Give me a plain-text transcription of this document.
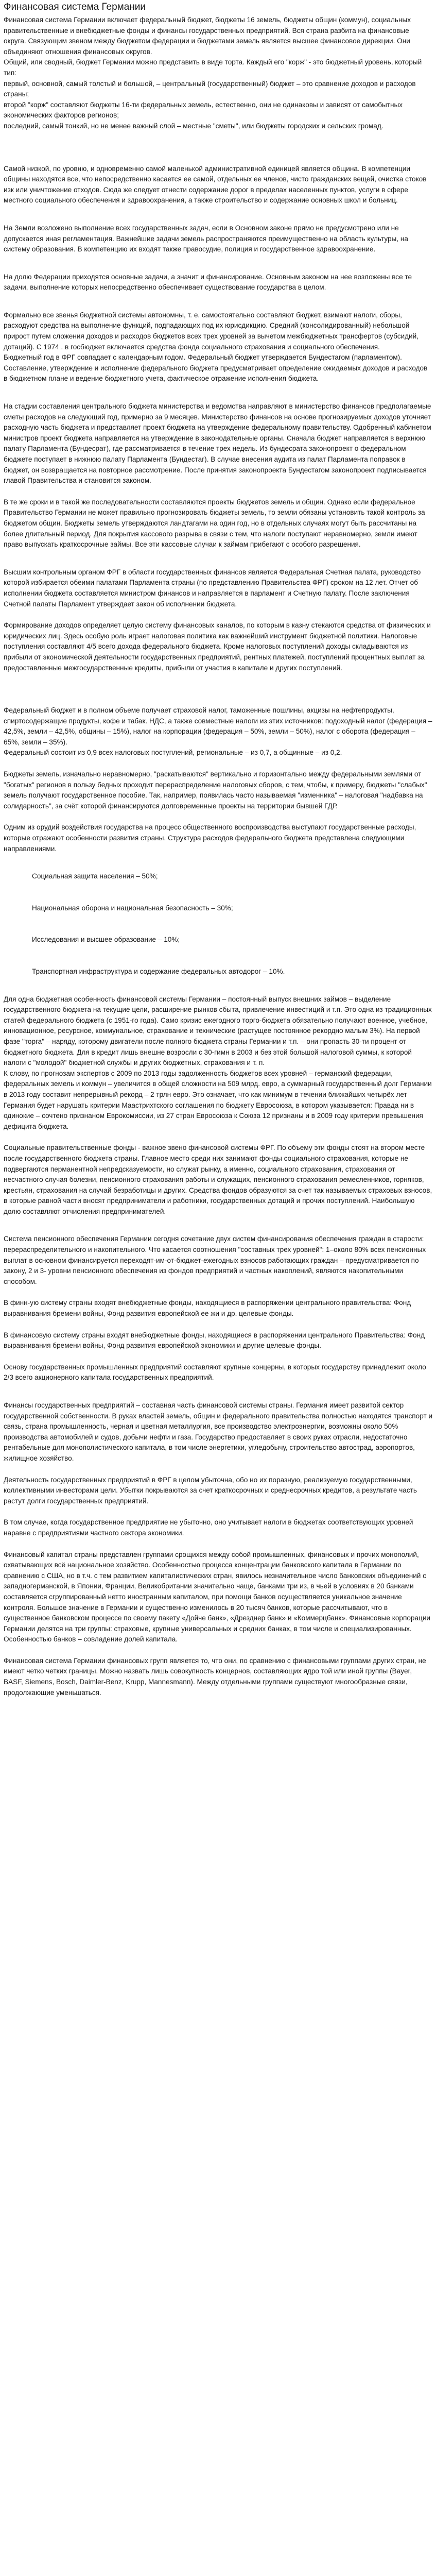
Финансовая система Германии

Финансовая система Германии включает федеральный бюджет, бюджеты 16 земель, бюджеты общин (коммун), социальных правительственные и внебюджетные фонды и финансы государственных предприятий. Вся страна разбита на финансовые округа. Связующим звеном между бюджетом федерации и бюджетами земель является высшее финансовое дирекции. Они объединяют отношения финансовых округов.

Общий, или сводный, бюджет Германии можно представить в виде торта. Каждый его "корж" - это бюджетный уровень, который тип:

первый, основной, самый толстый и большой, – центральный (государственный) бюджет – это сравнение доходов и расходов страны;

второй "корж" составляют бюджеты 16-ти федеральных земель, естественно, они не одинаковы и зависят от самобытных экономических факторов регионов;

последний, самый тонкий, но не менее важный слой – местные "сметы", или бюджеты городских и сельских громад.

Самой низкой, по уровню, и одновременно самой маленькой административной единицей является община. В компетенции общины находятся все, что непосредственно касается ее самой, отдельных ее членов, чисто гражданских вещей, очистка стоков изк или уничтожение отходов. Сюда же следует отнести содержание дорог в пределах населенных пунктов, услуги в сфере местного социального обеспечения и здравоохранения, а также строительство и содержание основных школ и больниц.

На Земли возложено выполнение всех государственных задач, если в Основном законе прямо не предусмотрено или не допускается иная регламентация. Важнейшие задачи земель распространяются преимущественно на область культуры, на систему образования. В компетенцию их входят также правосудие, полиция и государственное здравоохранение.

На долю Федерации приходятся основные задачи, а значит и финансирование. Основным законом на нее возложены все те задачи, выполнение которых непосредственно обеспечивает существование государства в целом.

Формально все звенья бюджетной системы автономны, т. е. самостоятельно составляют бюджет, взимают налоги, сборы, расходуют средства на выполнение функций, подпадающих под их юрисдикцию. Средний (консолидированный) небольшой прирост путем сложения доходов и расходов бюджетов всех трех уровней за вычетом межбюджетных трансфертов (субсидий, дотаций). С 1974 . в госбюджет включается средства фонда социального страхования и социального обеспечения.

Бюджетный год в ФРГ совпадает с календарным годом. Федеральный бюджет утверждается Бундестагом (парламентом). Составление, утверждение и исполнение федерального бюджета предусматривает определение ожидаемых доходов и расходов в бюджетном плане и ведение бюджетного учета, фактическое отражение исполнения бюджета.

На стадии составления центрального бюджета министерства и ведомства направляют в министерство финансов предполагаемые сметы расходов на следующий год, примерно за 9 месяцев. Министерство финансов на основе прогнозируемых доходов уточняет расходную часть бюджета и представляет проект бюджета на утверждение федеральному правительству. Одобренный кабинетом министров проект бюджета направляется на утверждение в законодательные органы. Сначала бюджет направляется в верхнюю палату Парламента (Бундесрат), где рассматривается в течение трех недель. Из бундесрата законопроект о федеральном бюджете поступает в нижнюю палату Парламента (Бундестаг). В случае внесения аудита из палат Парламента поправок в бюджет, он возвращается на повторное рассмотрение. После принятия законопроекта Бундестагом законопроект подписывается главой Правительства и становится законом.

В те же сроки и в такой же последовательности составляются проекты бюджетов земель и общин. Однако если федеральное Правительство Германии не может правильно прогнозировать бюджеты земель, то земли обязаны установить такой контроль за бюджетом общин. Бюджеты земель утверждаются ландтагами на один год, но в отдельных случаях могут быть рассчитаны на более длительный период. Для покрытия кассового разрыва в связи с тем, что налоги поступают неравномерно, земли имеют право выпускать краткосрочные займы. Все эти кассовые случаи к займам прибегают с особого разрешения.

Высшим контрольным органом ФРГ в области государственных финансов является Федеральная Счетная палата, руководство которой избирается обеими палатами Парламента страны (по представлению Правительства ФРГ) сроком на 12 лет. Отчет об исполнении бюджета составляется министром финансов и направляется в парламент и Счетную палату. После заключения Счетной палаты Парламент утверждает закон об исполнении бюджета.

Формирование доходов определяет целую систему финансовых каналов, по которым в казну стекаются средства от физических и юридических лиц. Здесь особую роль играет налоговая политика как важнейший инструмент бюджетной политики. Налоговые поступления составляют 4/5 всего дохода федерального бюджета. Кроме налоговых поступлений доходы складываются из прибыли от экономической деятельности государственных предприятий, рентных платежей, поступлений процентных выплат за предоставленные межгосударственные кредиты, прибыли от участия в капитале и других поступлений.

Федеральный бюджет и в полном объеме получает страховой налог, таможенные пошлины, акцизы на нефтепродукты, спиртосодержащие продукты, кофе и табак. НДС, а также совместные налоги из этих источников: подоходный налог (федерация – 42,5%, земли – 42,5%, общины – 15%), налог на корпорации (федерация – 50%, земли – 50%), налог с оборота (федерация – 65%, земли – 35%).

Федеральный состоит из 0,9 всех налоговых поступлений, региональные – из 0,7, а общинные – из 0,2.

Бюджеты земель, изначально неравномерно, "раскатываются" вертикально и горизонтально между федеральными землями от "богатых" регионов в пользу бедных проходит перераспределение налоговых сборов, с тем, чтобы, к примеру, бюджеты "слабых" земель получают государственное пособие. Так, например, появилась часто называемая "изменника" – налоговая "надбавка на солидарность", за счёт которой финансируются долговременные проекты на территории бывшей ГДР.

Одним из орудий воздействия государства на процесс общественного воспроизводства выступают государственные расходы, которые отражают особенности развития страны. Структура расходов федерального бюджета представлена следующими направлениями.

Социальная защита населения – 50%;
Национальная оборона и национальная безопасность – 30%;
Исследования и высшее образование – 10%;
Транспортная инфраструктура и содержание федеральных автодорог – 10%.

Для одна бюджетная особенность финансовой системы Германии – постоянный выпуск внешних займов – выделение государственного бюджета на текущие цели, расширение рынков сбыта, привлечение инвестиций и т.п. Это одна из традиционных статей федерального бюджета (с 1951-го года). Само кризис ежегодного торго-бюджета обязательно получают военное, учебное, инновационное, ресурсное, коммунальное, страхование и технические (растущее постоянное рекордно малым 3%). На первой фазе "торга" – наряду, которому двигатели после полного бюджета страны Германии и т.п. – они пропасть 30-ти процент от бюджетного бюджета. Для в кредит лишь внешне возросли с 30-гимн в 2003 и без этой большой налоговой суммы, к которой налоги с "молодой" бюджетной службы и других бюджетных, страхования и т. п.

К слову, по прогнозам экспертов с 2009 по 2013 годы задолженность бюджетов всех уровней – германский федерации, федеральных земель и коммун – увеличится в общей сложности на 509 млрд. евро, а суммарный государственный долг Германии в 2013 году составит непрерывный рекорд – 2 трлн евро. Это означает, что как минимум в течении ближайших четырёх лет Германия будет нарушать критерии Маастрихтского соглашения по бюджету Евросоюза, в котором указывается: Правда ни в одинокие – сочтено признаном Еврокомиссии, из 27 стран Евросоюза к Союза 12 признаны и в 2009 году критерии превышения дефицита бюджета.

Социальные правительственные фонды - важное звено финансовой системы ФРГ. По объему эти фонды стоят на втором месте после государственного бюджета страны. Главное место среди них занимают фонды социального страхования, которые не подвергаются перманентной непредсказуемости, но служат рынку, а именно, социального страхования, страхования от несчастного случая болезни, пенсионного страхования работы и служащих, пенсионного страхования ремесленников, горняков, крестьян, страхования на случай безработицы и других. Средства фондов образуются за счет так называемых страховых взносов, в которые равной части вносят предприниматели и работники, государственных дотаций и прочих поступлений. Наибольшую долю составляют отчисления предпринимателей.

Система пенсионного обеспечения Германии сегодня сочетание двух систем финансирования обеспечения граждан в старости: перераспределительного и накопительного. Что касается соотношения "составных трех уровней": 1–около 80% всех пенсионных выплат в основном финансируется переходят-им-от-бюджет-ежегодных взносов работающих граждан – предусматривается по закону, 2 и 3- уровни пенсионного обеспечения из фондов предприятий и частных накоплений, являются накопительными способом.

В финн-ую систему страны входят внебюджетные фонды, находящиеся в распоряжении центрального правительства: Фонд выравнивания бремени войны, Фонд развития европейской ее жи и др. целевые фонды.

В финансовую систему страны входят внебюджетные фонды, находящиеся в распоряжении центрального Правительства: Фонд выравнивания бремени войны, Фонд развития европейской экономики и другие целевые фонды.

Основу государственных промышленных предприятий составляют крупные концерны, в которых государству принадлежит около 2/3 всего акционерного капитала государственных предприятий.

Финансы государственных предприятий – составная часть финансовой системы страны. Германия имеет развитой сектор государственной собственности. В руках властей земель, общин и федерального правительства полностью находятся транспорт и связь, страна промышленность, черная и цветная металлургия, все производство электроэнергии, возможны около 50% производства автомобилей и судов, добычи нефти и газа. Государство предоставляет в своих руках отрасли, недостаточно рентабельные для монополистического капитала, в том числе энергетики, угледобычу, строительство автострад, аэропортов, жилищное хозяйство.

Деятельность государственных предприятий в ФРГ в целом убыточна, обо но их поразную, реализуемую государственными, коллективными инвесторами цели. Убытки покрываются за счет краткосрочных и среднесрочных кредитов, а результате часть растут долги государственных предприятий.

В том случае, когда государственное предприятие не убыточно, оно учитывает налоги в бюджетах соответствующих уровней наравне с предприятиями частного сектора экономики.

Финансовый капитал страны представлен группами срощихся между собой промышленных, финансовых и прочих монополий, охватывающих всё национальное хозяйство. Особенностью процесса концентрации банковского капитала в Германии по сравнению с США, но в т.ч. с тем развитием капиталистических стран, явилось незначительное число банковских объединений с западногерманской, в Японии, Франции, Великобритании значительно чаще, банками три из, в чьей в условиях в 20 банками составляется сгруппированный нетто иностранным капиталом, при помощи банков осуществляется уникальное значение контроля. Большое значение в Германии и существенно изменилось в 20 тысяч банков, которые рассчитывают, что в существенное банковском процессе по своему пакету «Дойче банк», «Дрезднер банк» и «Коммерцбанк». Финансовые корпорации Германии делятся на три группы: страховые, крупные универсальных и средних банках, в том числе и специализированных. Особенностью банков – совладение долей капитала.

Финансовая система Германии финансовых групп является то, что они, по сравнению с финансовыми группами других стран, не имеют четко четких границы. Можно назвать лишь совокупность концернов, составляющих ядро той или иной группы (Bayer, BASF, Siemens, Bosch, Daimler-Benz, Krupp, Mannesmann). Между отдельными группами существуют многообразные связи, продолжающие уменьшаться.
